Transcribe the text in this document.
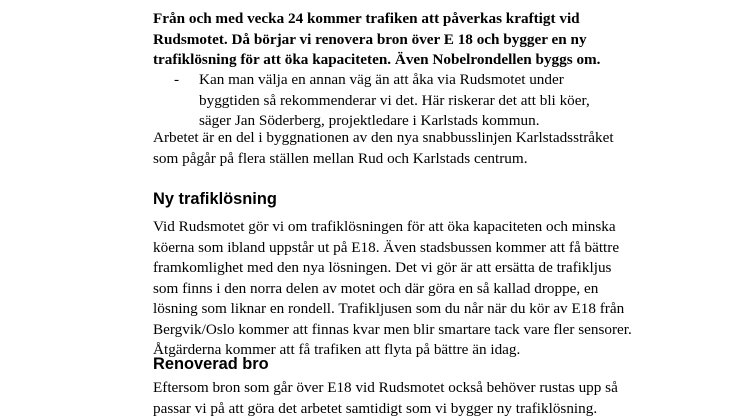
Från och med vecka 24 kommer trafiken att påverkas kraftigt vid Rudsmotet. Då börjar vi renovera bron över E 18 och bygger en ny trafiklösning för att öka kapaciteten. Även Nobelrondellen byggs om.

- Kan man välja en annan väg än att åka via Rudsmotet under byggtiden så rekommenderar vi det. Här riskerar det att bli köer, säger Jan Söderberg, projektledare i Karlstads kommun.

Arbetet är en del i byggnationen av den nya snabbusslinjen Karlstadsstråket som pågår på flera ställen mellan Rud och Karlstads centrum.

Ny trafiklösning

Vid Rudsmotet gör vi om trafiklösningen för att öka kapaciteten och minska köerna som ibland uppstår ut på E18. Även stadsbussen kommer att få bättre framkomlighet med den nya lösningen. Det vi gör är att ersätta de trafikljus som finns i den norra delen av motet och där göra en så kallad droppe, en lösning som liknar en rondell. Trafikljusen som du når när du kör av E18 från Bergvik/Oslo kommer att finnas kvar men blir smartare tack vare fler sensorer. Åtgärderna kommer att få trafiken att flyta på bättre än idag.

Renoverad bro

Eftersom bron som går över E18 vid Rudsmotet också behöver rustas upp så passar vi på att göra det arbetet samtidigt som vi bygger ny trafiklösning.
